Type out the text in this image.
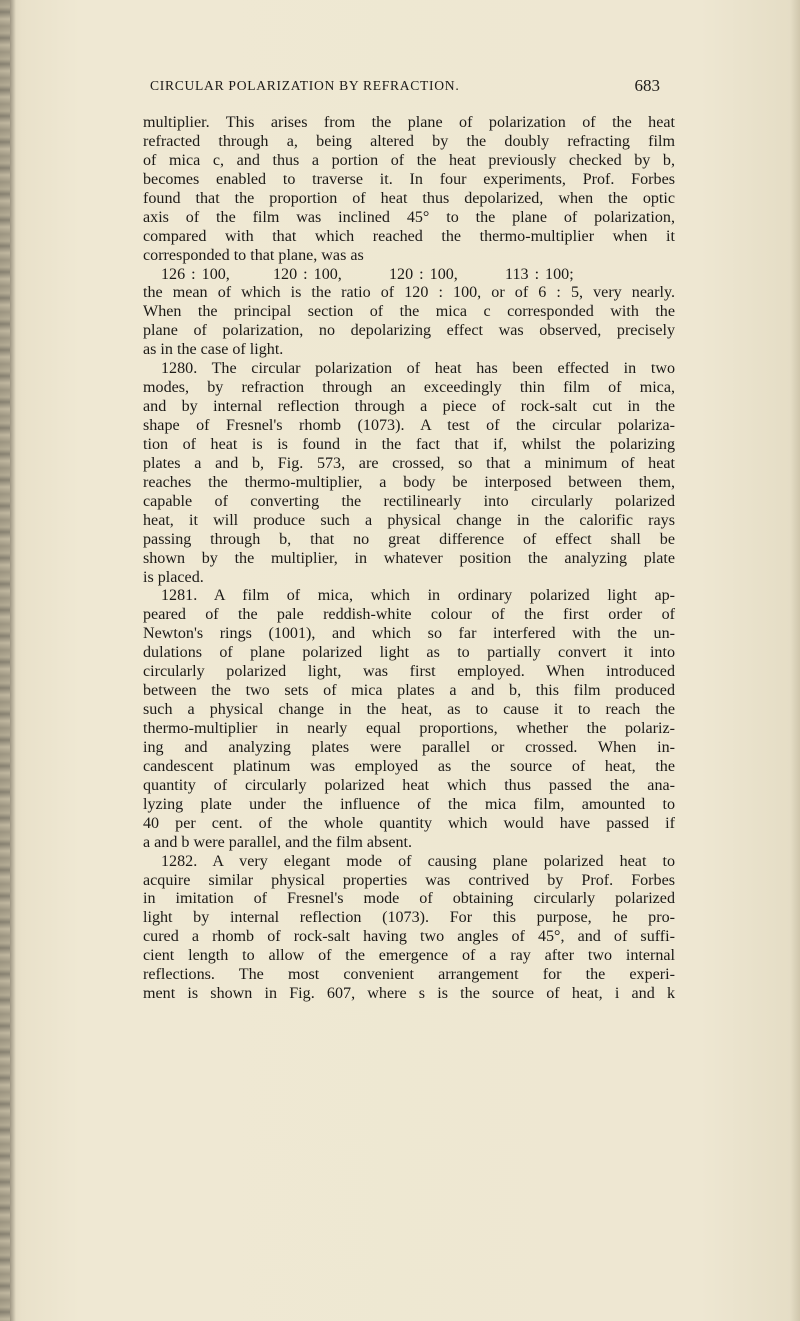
CIRCULAR POLARIZATION BY REFRACTION.	683
multiplier. This arises from the plane of polarization of the heat
refracted through a, being altered by the doubly refracting film
of mica c, and thus a portion of the heat previously checked by b,
becomes enabled to traverse it. In four experiments, Prof. Forbes
found that the proportion of heat thus depolarized, when the optic
axis of the film was inclined 45° to the plane of polarization,
compared with that which reached the thermo-multiplier when it
corresponded to that plane, was as
126 : 100,	120 : 100,	120 : 100,	113 : 100;
the mean of which is the ratio of 120 : 100, or of 6 : 5, very nearly.
When the principal section of the mica c corresponded with the
plane of polarization, no depolarizing effect was observed, precisely
as in the case of light.
1280. The circular polarization of heat has been effected in two
modes, by refraction through an exceedingly thin film of mica,
and by internal reflection through a piece of rock-salt cut in the
shape of Fresnel's rhomb (1073). A test of the circular polariza-
tion of heat is is found in the fact that if, whilst the polarizing
plates a and b, Fig. 573, are crossed, so that a minimum of heat
reaches the thermo-multiplier, a body be interposed between them,
capable of converting the rectilinearly into circularly polarized
heat, it will produce such a physical change in the calorific rays
passing through b, that no great difference of effect shall be
shown by the multiplier, in whatever position the analyzing plate
is placed.
1281. A film of mica, which in ordinary polarized light ap-
peared of the pale reddish-white colour of the first order of
Newton's rings (1001), and which so far interfered with the un-
dulations of plane polarized light as to partially convert it into
circularly polarized light, was first employed. When introduced
between the two sets of mica plates a and b, this film produced
such a physical change in the heat, as to cause it to reach the
thermo-multiplier in nearly equal proportions, whether the polariz-
ing and analyzing plates were parallel or crossed. When in-
candescent platinum was employed as the source of heat, the
quantity of circularly polarized heat which thus passed the ana-
lyzing plate under the influence of the mica film, amounted to
40 per cent. of the whole quantity which would have passed if
a and b were parallel, and the film absent.
1282. A very elegant mode of causing plane polarized heat to
acquire similar physical properties was contrived by Prof. Forbes
in imitation of Fresnel's mode of obtaining circularly polarized
light by internal reflection (1073). For this purpose, he pro-
cured a rhomb of rock-salt having two angles of 45°, and of suffi-
cient length to allow of the emergence of a ray after two internal
reflections. The most convenient arrangement for the experi-
ment is shown in Fig. 607, where s is the source of heat, i and k
